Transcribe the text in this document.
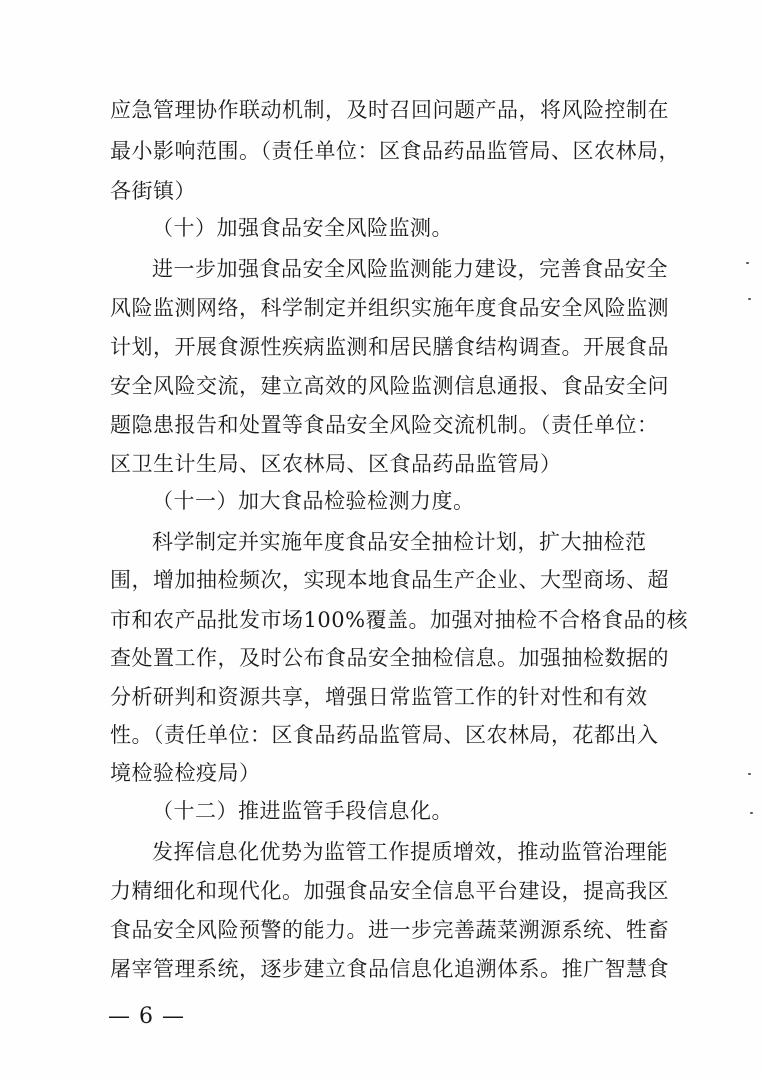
应急管理协作联动机制，及时召回问题产品，将风险控制在
最小影响范围。（责任单位：区食品药品监管局、区农林局，
各街镇）
（十）加强食品安全风险监测。
进一步加强食品安全风险监测能力建设，完善食品安全
风险监测网络，科学制定并组织实施年度食品安全风险监测
计划，开展食源性疾病监测和居民膳食结构调查。开展食品
安全风险交流，建立高效的风险监测信息通报、食品安全问
题隐患报告和处置等食品安全风险交流机制。（责任单位：
区卫生计生局、区农林局、区食品药品监管局）
（十一）加大食品检验检测力度。
科学制定并实施年度食品安全抽检计划，扩大抽检范
围，增加抽检频次，实现本地食品生产企业、大型商场、超
市和农产品批发市场100%覆盖。加强对抽检不合格食品的核
查处置工作，及时公布食品安全抽检信息。加强抽检数据的
分析研判和资源共享，增强日常监管工作的针对性和有效
性。（责任单位：区食品药品监管局、区农林局，花都出入
境检验检疫局）
（十二）推进监管手段信息化。
发挥信息化优势为监管工作提质增效，推动监管治理能
力精细化和现代化。加强食品安全信息平台建设，提高我区
食品安全风险预警的能力。进一步完善蔬菜溯源系统、牲畜
屠宰管理系统，逐步建立食品信息化追溯体系。推广智慧食
— 6 —
